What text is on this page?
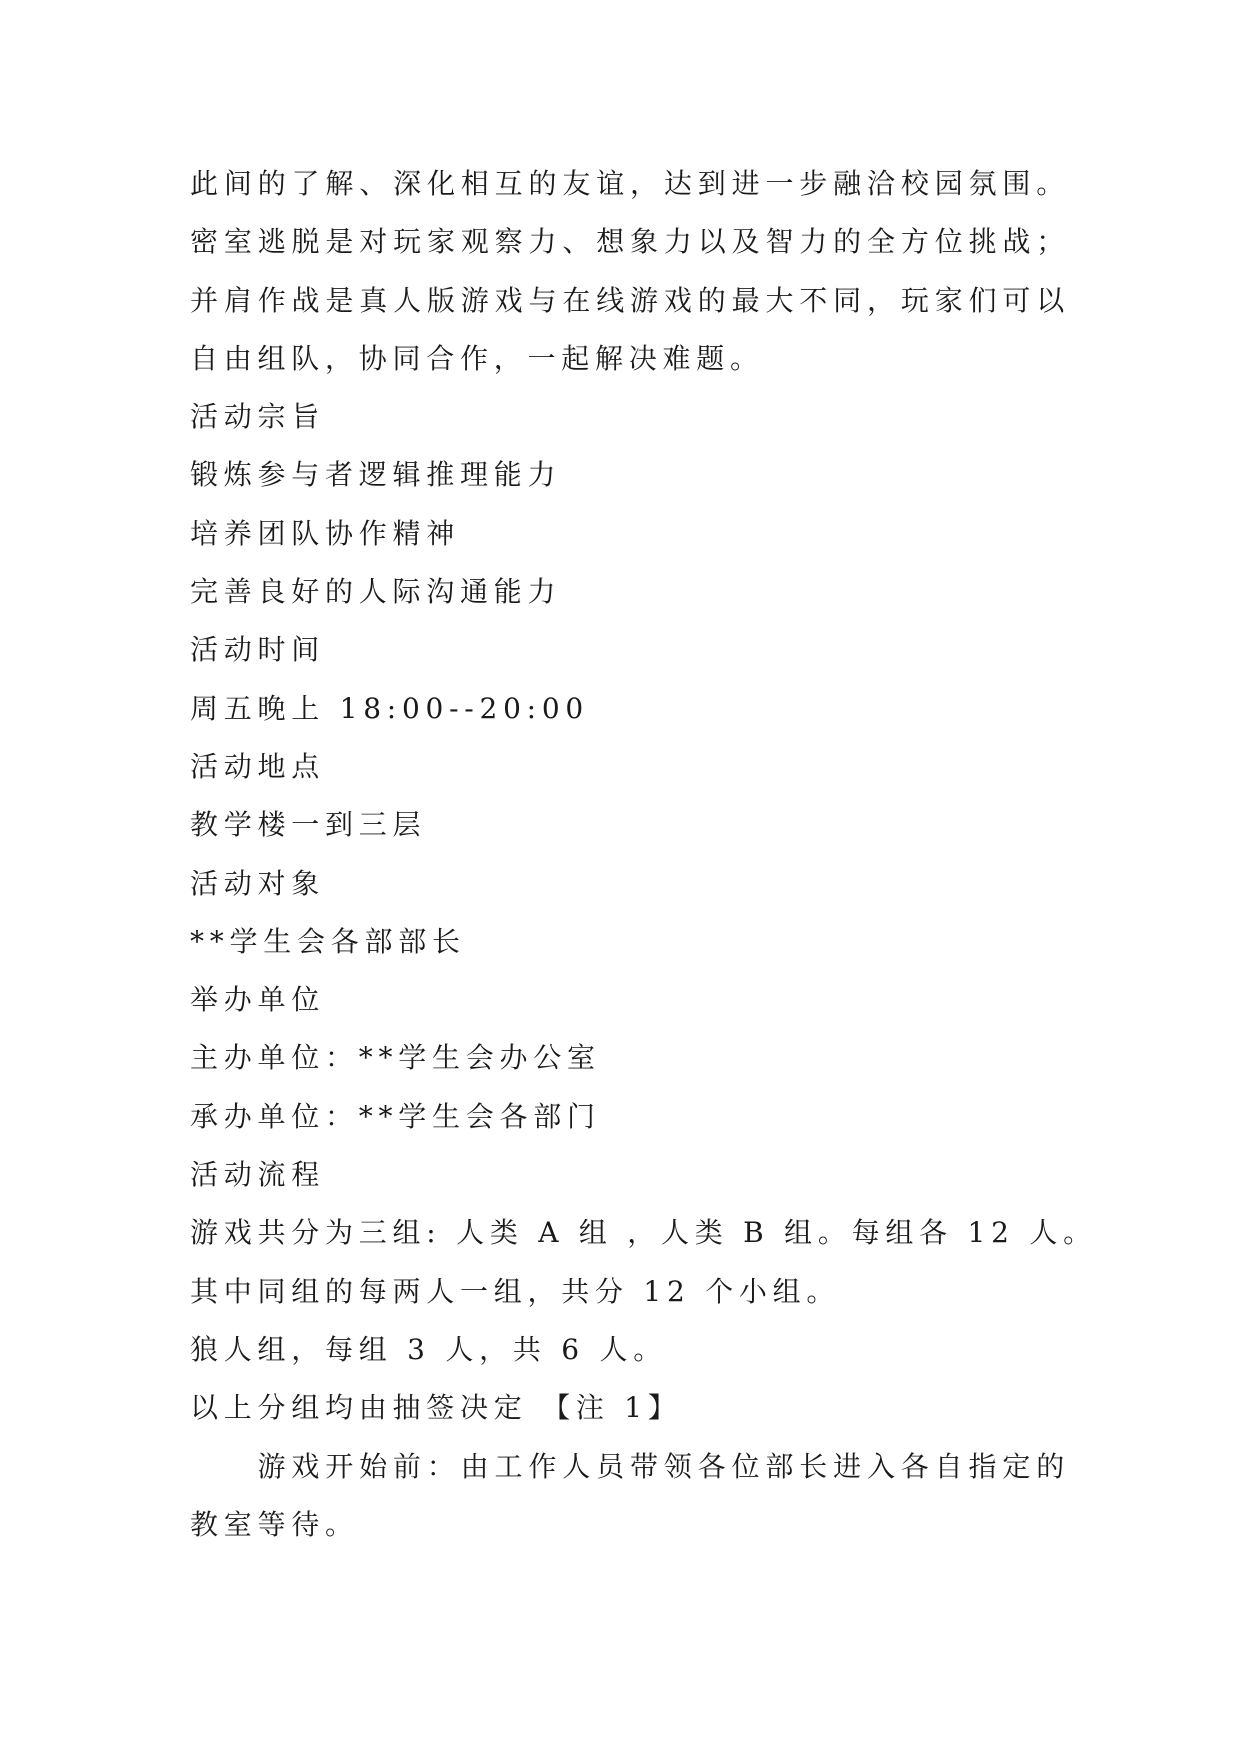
此间的了解、深化相互的友谊，达到进一步融洽校园氛围。密室逃脱是对玩家观察力、想象力以及智力的全方位挑战；并肩作战是真人版游戏与在线游戏的最大不同，玩家们可以自由组队，协同合作，一起解决难题。

活动宗旨

锻炼参与者逻辑推理能力

培养团队协作精神

完善良好的人际沟通能力

活动时间

周五晚上 18:00--20:00

活动地点

教学楼一到三层

活动对象

**学生会各部部长

举办单位

主办单位：**学生会办公室

承办单位：**学生会各部门

活动流程

游戏共分为三组: 人类 A 组 ，人类 B 组。每组各 12 人。

其中同组的每两人一组，共分 12 个小组。

狼人组，每组 3 人，共 6 人。

以上分组均由抽签决定 【注 1】

游戏开始前：由工作人员带领各位部长进入各自指定的教室等待。
